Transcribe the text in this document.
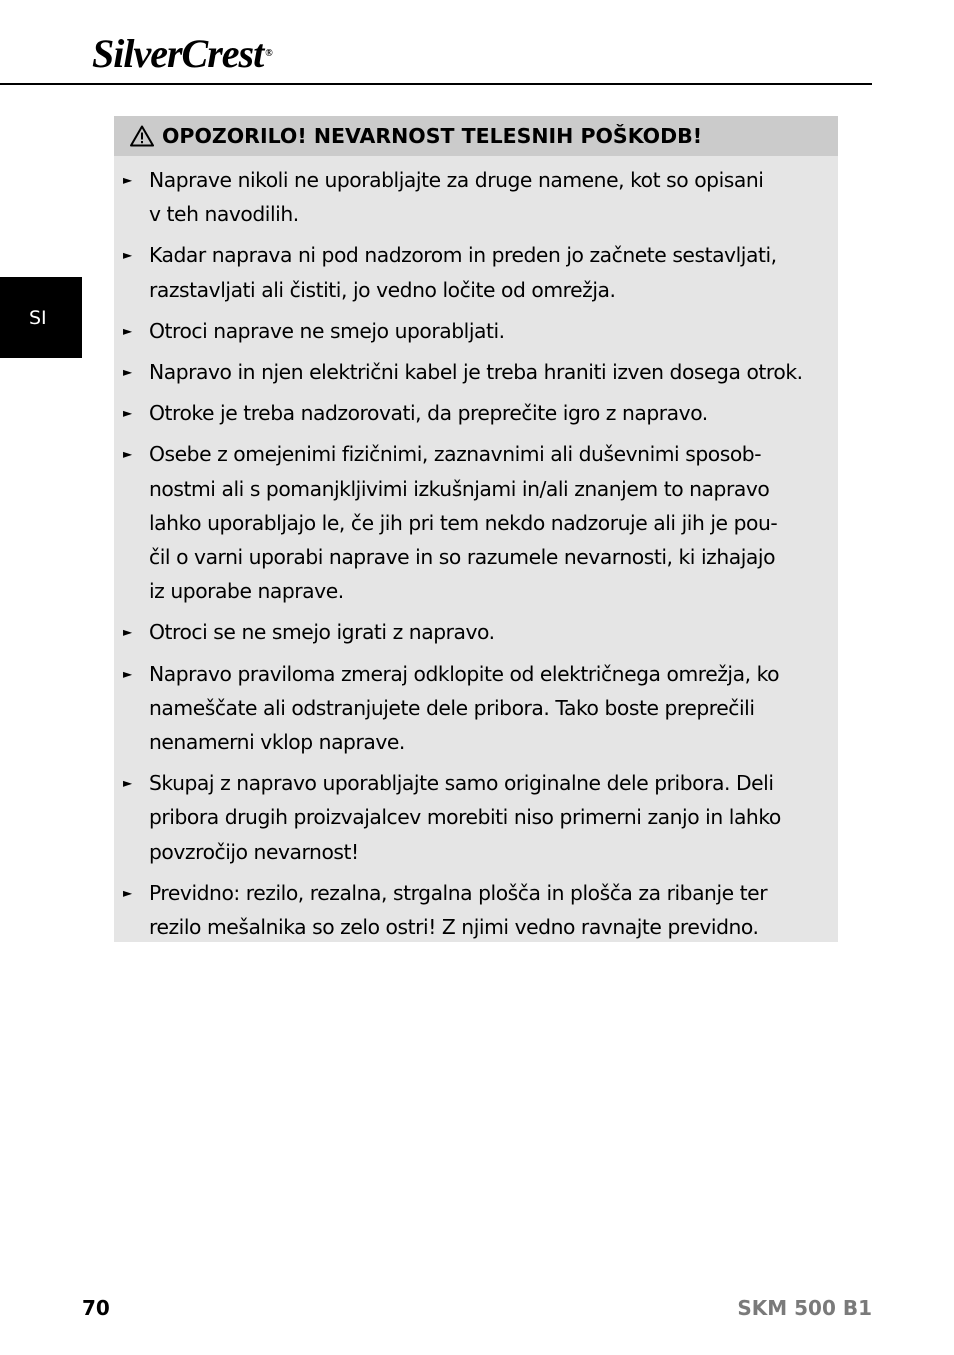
SilverCrest ®
SI
OPOZORILO! NEVARNOST TELESNIH POŠKODB!
► Naprave nikoli ne uporabljajte za druge namene, kot so opisani
v teh navodilih.
► Kadar naprava ni pod nadzorom in preden jo začnete sestavljati,
razstavljati ali čistiti, jo vedno ločite od omrežja.
► Otroci naprave ne smejo uporabljati.
► Napravo in njen električni kabel je treba hraniti izven dosega otrok.
► Otroke je treba nadzorovati, da preprečite igro z napravo.
► Osebe z omejenimi fizičnimi, zaznavnimi ali duševnimi sposob-
nostmi ali s pomanjkljivimi izkušnjami in/ali znanjem to napravo
lahko uporabljajo le, če jih pri tem nekdo nadzoruje ali jih je pou-
čil o varni uporabi naprave in so razumele nevarnosti, ki izhajajo
iz uporabe naprave.
► Otroci se ne smejo igrati z napravo.
► Napravo praviloma zmeraj odklopite od električnega omrežja, ko
nameščate ali odstranjujete dele pribora. Tako boste preprečili
nenamerni vklop naprave.
► Skupaj z napravo uporabljajte samo originalne dele pribora. Deli
pribora drugih proizvajalcev morebiti niso primerni zanjo in lahko
povzročijo nevarnost!
► Previdno: rezilo, rezalna, strgalna plošča in plošča za ribanje ter
rezilo mešalnika so zelo ostri! Z njimi vedno ravnajte previdno.
70	SKM 500 B1
